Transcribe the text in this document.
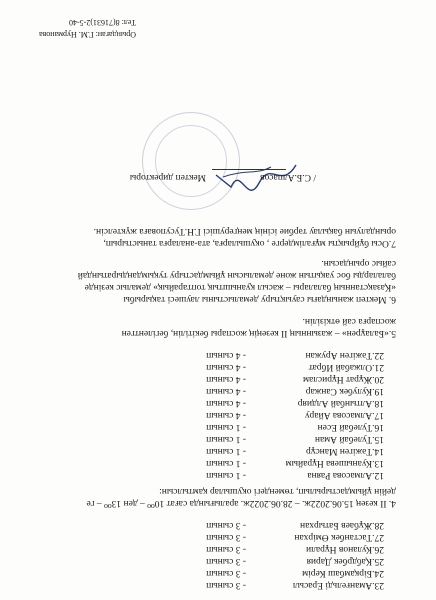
23.Аманғельді Ерасыл
- 3 сынып
24.Бірқамбаш Керім
- 3 сынып
25.Қабдрбек Дария
- 3 сынып
26.Куланов Нұрали
- 3 сынып
27.Тастанбек Өмірхан
- 3 сынып
28.Жұбаев Батырхан
- 3 сынып
4. II кезең 15.06.2022ж. – 28.06.2022ж. аралығында сағат 10⁰⁰ – ден 13⁰⁰ – ге
дейін ұйымдастырылып, төмендегі оқушылар қамтылсын:
12.Алмасова Раяна
- 1 сынып
13.Куанышева Нұрайым
- 1 сынып
14.Тәжіген Мансұр
- 1 сынып
15.Тулебай Аман
- 1 сынып
16.Тулебай Есен
- 1 сынып
17.Алмасова Айару
- 4 сынып
18.Алтынбай Алдияр
- 4 сынып
19.Кулубек Санжар
- 4 сынып
20.Жұрат Нұрислам
- 4 сынып
21.Олжабай Ибрат
- 4 сынып
22.Тәжіген Аружан
- 4 сынып
5.«Балаұрен» – жазынның II кезеңің жоспары бекітілін, бегілентген
жоспарға сай өткізілін.
6. Мектеп жанындағы сауықтыру демалыстыны лаушесі тақырыбы
«Қазақстанның балалары – жасыл қуаныштық топтарайық» демалыс кезінде
балаларды бос уақытын жоне демалысын ұйымдастыру туқымдандыратындай
сайыс орындасын.
7.Осы бұйрықты мұғалімдерге , оқушыларға, ата-аналарға таныстырып,
орындалуын бақылау тәрбие ісінің меңгерушісі Г.Н.Тусуповаға жүктелсін.
Мектеп директоры	/ С.Б.Алпасов
Орындаған: Г.М. Нурманова
Тел: 8(71631)2-5-40
